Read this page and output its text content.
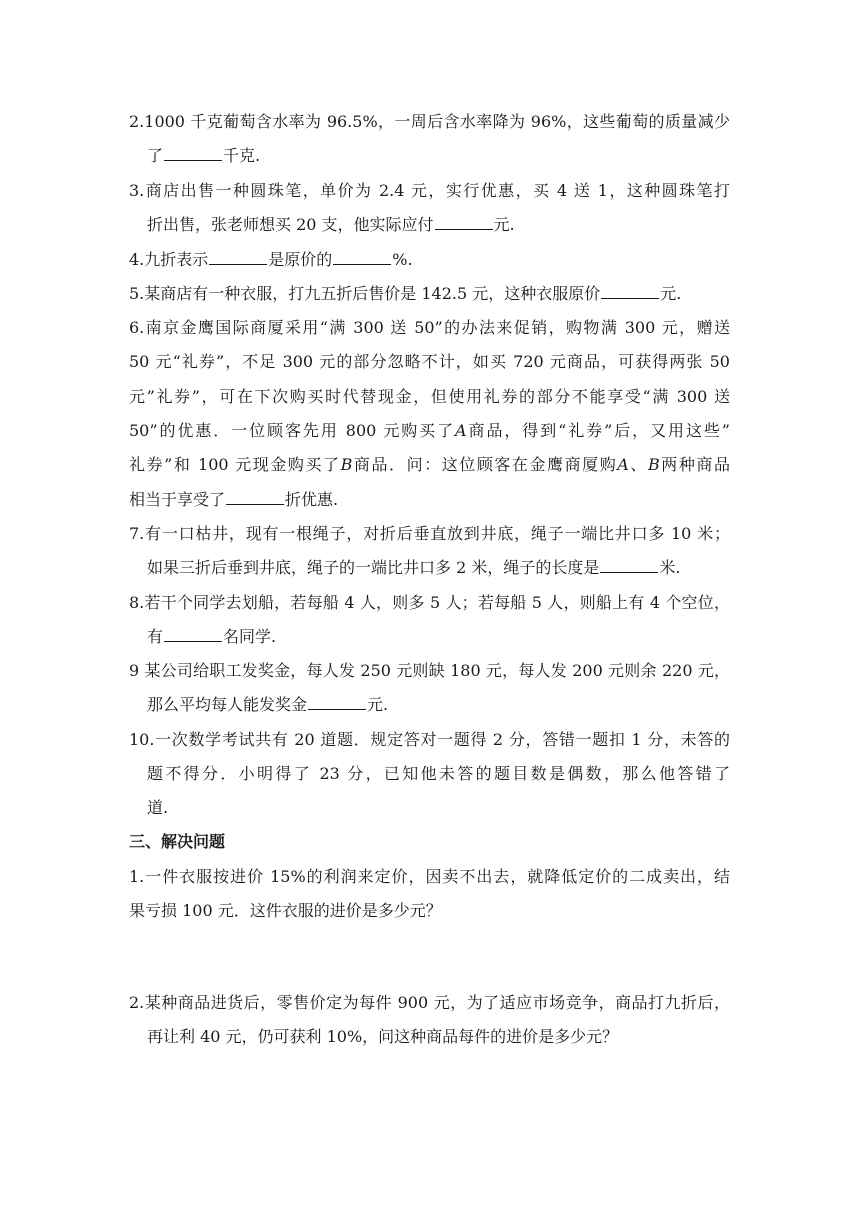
2.1000 千克葡萄含水率为 96.5%，一周后含水率降为 96%，这些葡萄的质量减少
了	千克.
3.商店出售一种圆珠笔，单价为 2.4 元，实行优惠，买 4 送 1，这种圆珠笔打
折出售，张老师想买 20 支，他实际应付	元.
4.九折表示	是原价的	%.
5.某商店有一种衣服，打九五折后售价是 142.5 元，这种衣服原价	元.
6.南京金鹰国际商厦采用“满 300 送 50”的办法来促销，购物满 300 元，赠送
50 元“礼券”，不足 300 元的部分忽略不计，如买 720 元商品，可获得两张 50
元”礼券”，可在下次购买时代替现金，但使用礼券的部分不能享受“满 300 送
50”的优惠．一位顾客先用 800 元购买了A商品，得到“礼券”后，又用这些”
礼券”和 100 元现金购买了B商品．问：这位顾客在金鹰商厦购A、B两种商品
相当于享受了	折优惠.
7.有一口枯井，现有一根绳子，对折后垂直放到井底，绳子一端比井口多 10 米；
如果三折后垂到井底，绳子的一端比井口多 2 米，绳子的长度是	米.
8.若干个同学去划船，若每船 4 人，则多 5 人；若每船 5 人，则船上有 4 个空位，
有	名同学.
9 某公司给职工发奖金，每人发 250 元则缺 180 元，每人发 200 元则余 220 元，
那么平均每人能发奖金	元.
10.一次数学考试共有 20 道题．规定答对一题得 2 分，答错一题扣 1 分，未答的
题不得分．小明得了 23 分，已知他未答的题目数是偶数，那么他答错了
道.
三、解决问题
1.一件衣服按进价 15%的利润来定价，因卖不出去，就降低定价的二成卖出，结
果亏损 100 元．这件衣服的进价是多少元？
2.某种商品进货后，零售价定为每件 900 元，为了适应市场竞争，商品打九折后，
再让利 40 元，仍可获利 10%，问这种商品每件的进价是多少元？
